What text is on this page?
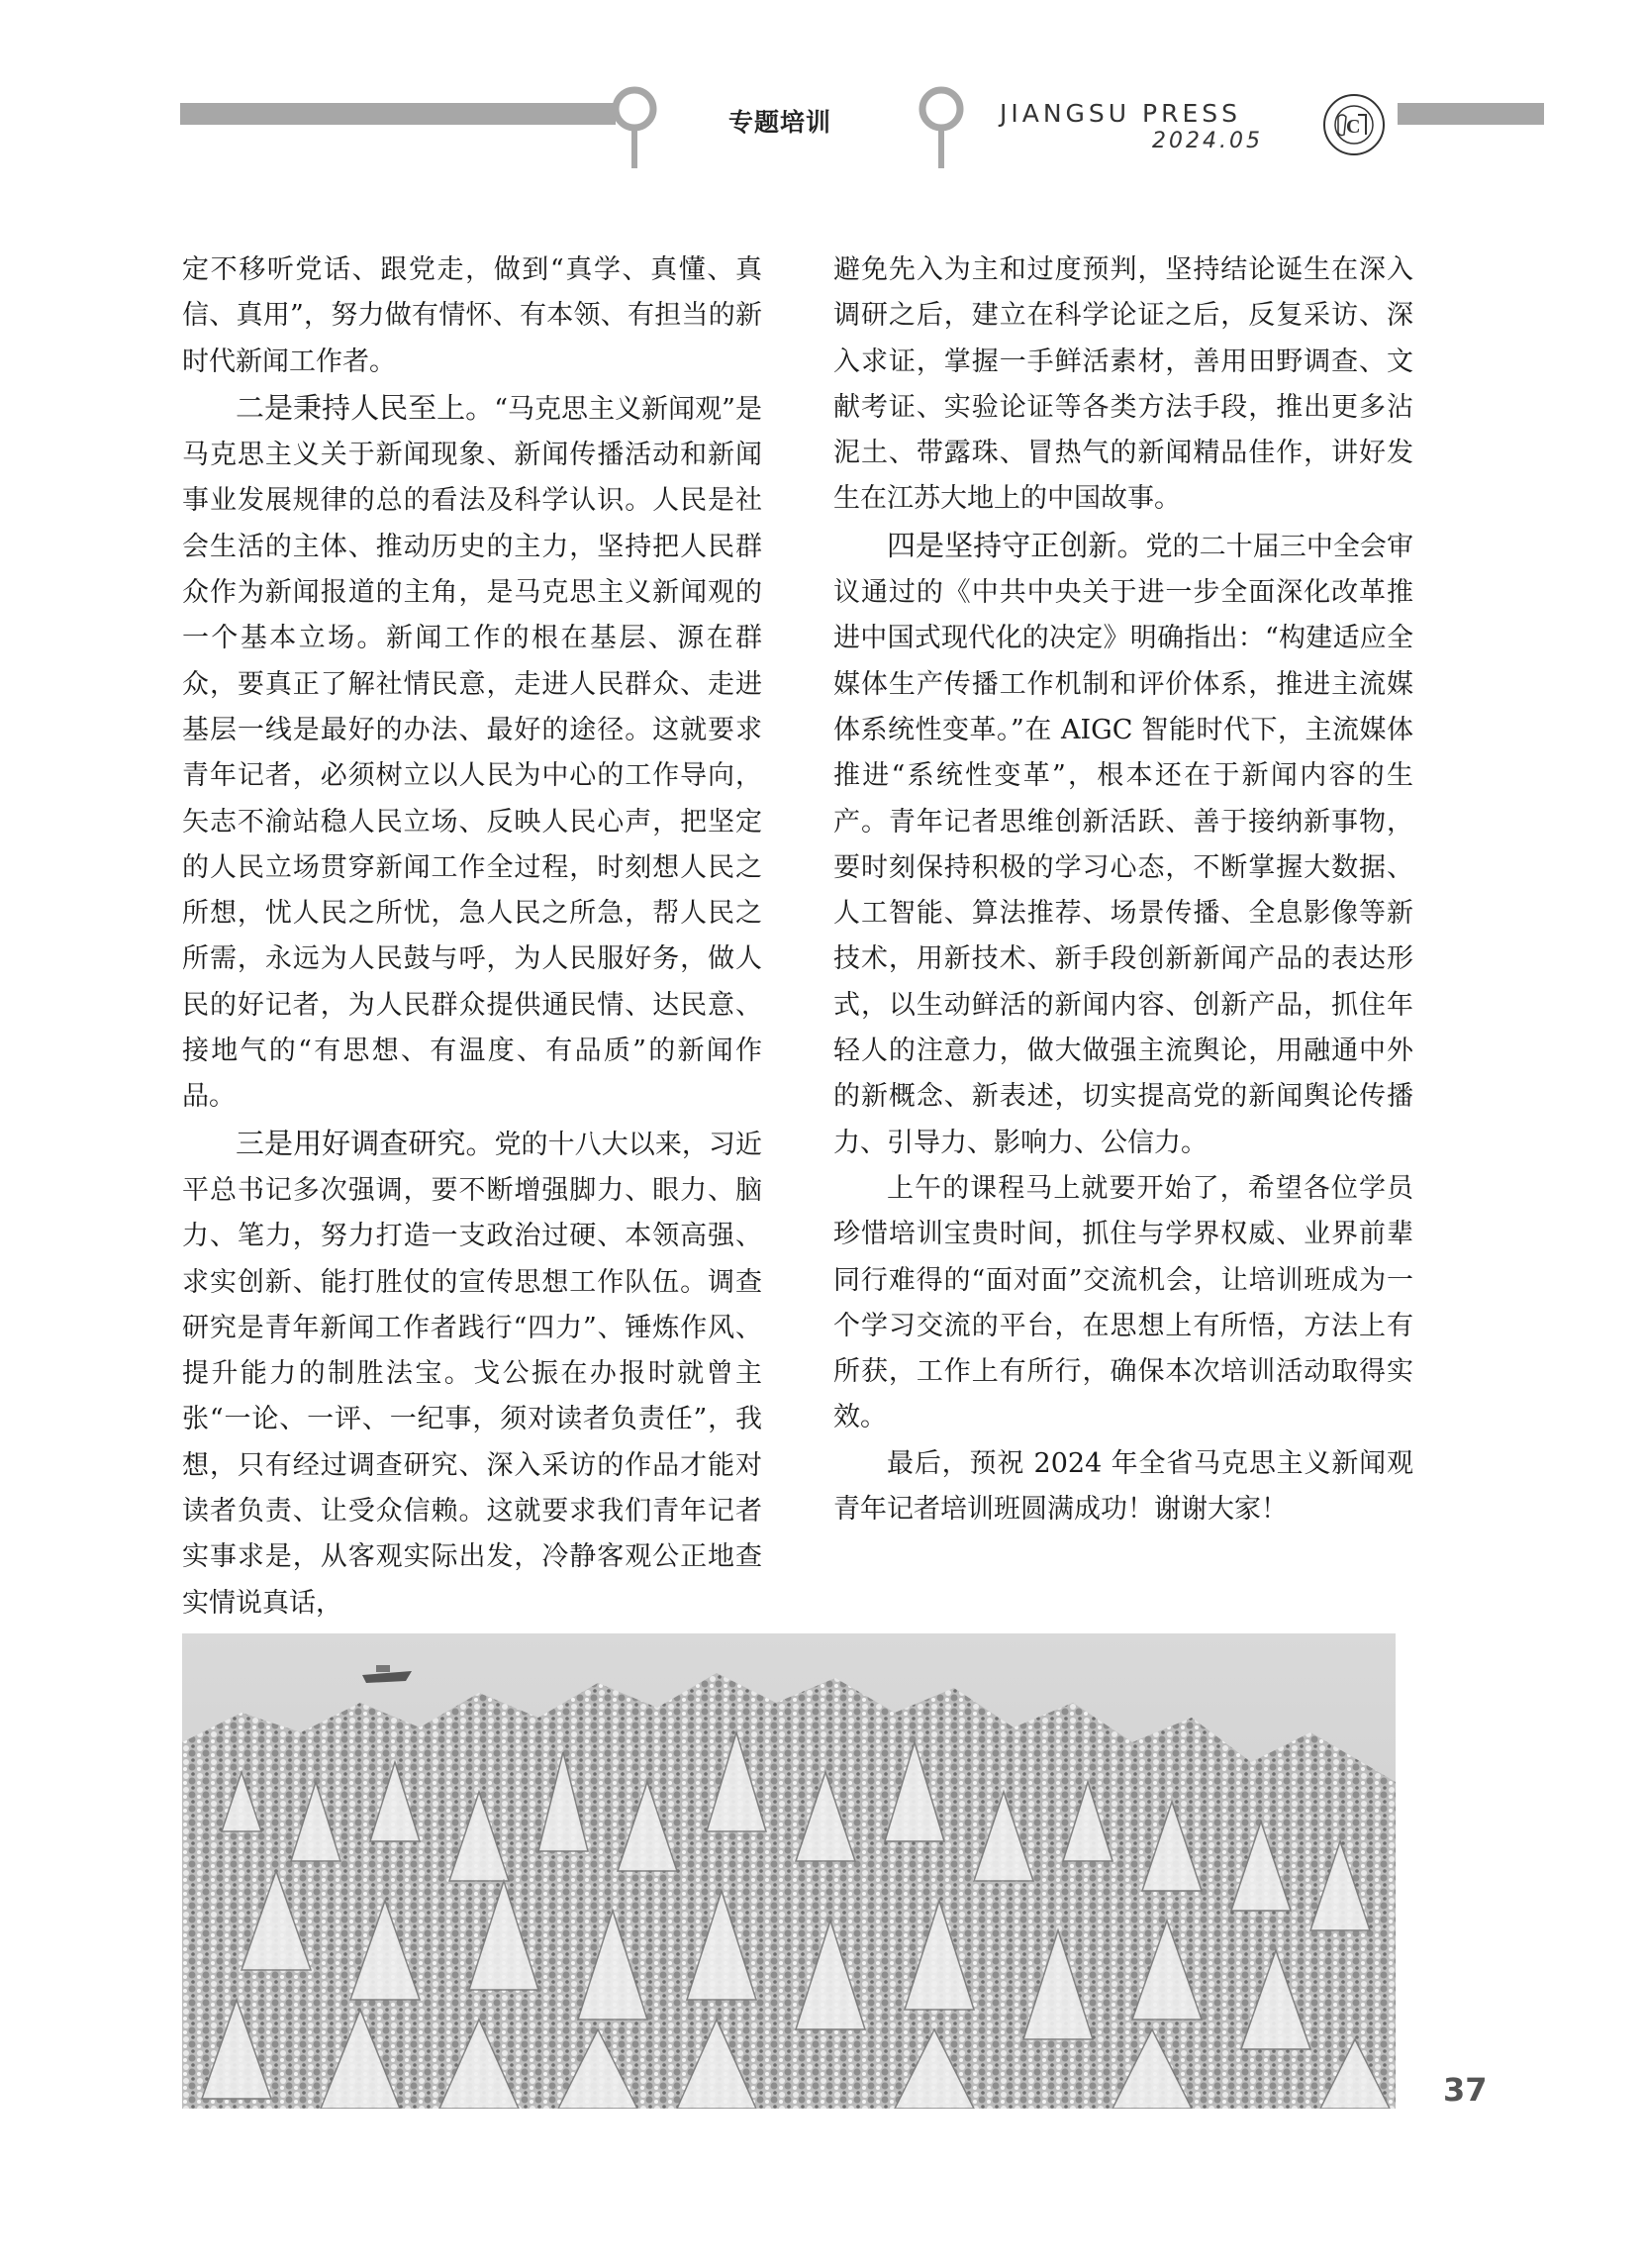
专题培训	JIANGSU PRESS
2024.05
C

定不移听党话、跟党走，做到“真学、真懂、真信、真用”，努力做有情怀、有本领、有担当的新时代新闻工作者。

二是秉持人民至上。“马克思主义新闻观”是马克思主义关于新闻现象、新闻传播活动和新闻事业发展规律的总的看法及科学认识。人民是社会生活的主体、推动历史的主力，坚持把人民群众作为新闻报道的主角，是马克思主义新闻观的一个基本立场。新闻工作的根在基层、源在群众，要真正了解社情民意，走进人民群众、走进基层一线是最好的办法、最好的途径。这就要求青年记者，必须树立以人民为中心的工作导向，矢志不渝站稳人民立场、反映人民心声，把坚定的人民立场贯穿新闻工作全过程，时刻想人民之所想，忧人民之所忧，急人民之所急，帮人民之所需，永远为人民鼓与呼，为人民服好务，做人民的好记者，为人民群众提供通民情、达民意、接地气的“有思想、有温度、有品质”的新闻作品。

三是用好调查研究。党的十八大以来，习近平总书记多次强调，要不断增强脚力、眼力、脑力、笔力，努力打造一支政治过硬、本领高强、求实创新、能打胜仗的宣传思想工作队伍。调查研究是青年新闻工作者践行“四力”、锤炼作风、提升能力的制胜法宝。戈公振在办报时就曾主张“一论、一评、一纪事，须对读者负责任”，我想，只有经过调查研究、深入采访的作品才能对读者负责、让受众信赖。这就要求我们青年记者实事求是，从客观实际出发，冷静客观公正地查实情说真话，

避免先入为主和过度预判，坚持结论诞生在深入调研之后，建立在科学论证之后，反复采访、深入求证，掌握一手鲜活素材，善用田野调查、文献考证、实验论证等各类方法手段，推出更多沾泥土、带露珠、冒热气的新闻精品佳作，讲好发生在江苏大地上的中国故事。

四是坚持守正创新。党的二十届三中全会审议通过的《中共中央关于进一步全面深化改革推进中国式现代化的决定》明确指出：“构建适应全媒体生产传播工作机制和评价体系，推进主流媒体系统性变革。”在 AIGC 智能时代下，主流媒体推进“系统性变革”，根本还在于新闻内容的生产。青年记者思维创新活跃、善于接纳新事物，要时刻保持积极的学习心态，不断掌握大数据、人工智能、算法推荐、场景传播、全息影像等新技术，用新技术、新手段创新新闻产品的表达形式，以生动鲜活的新闻内容、创新产品，抓住年轻人的注意力，做大做强主流舆论，用融通中外的新概念、新表述，切实提高党的新闻舆论传播力、引导力、影响力、公信力。

上午的课程马上就要开始了，希望各位学员珍惜培训宝贵时间，抓住与学界权威、业界前辈同行难得的“面对面”交流机会，让培训班成为一个学习交流的平台，在思想上有所悟，方法上有所获，工作上有所行，确保本次培训活动取得实效。

最后，预祝 2024 年全省马克思主义新闻观青年记者培训班圆满成功！谢谢大家！

37
